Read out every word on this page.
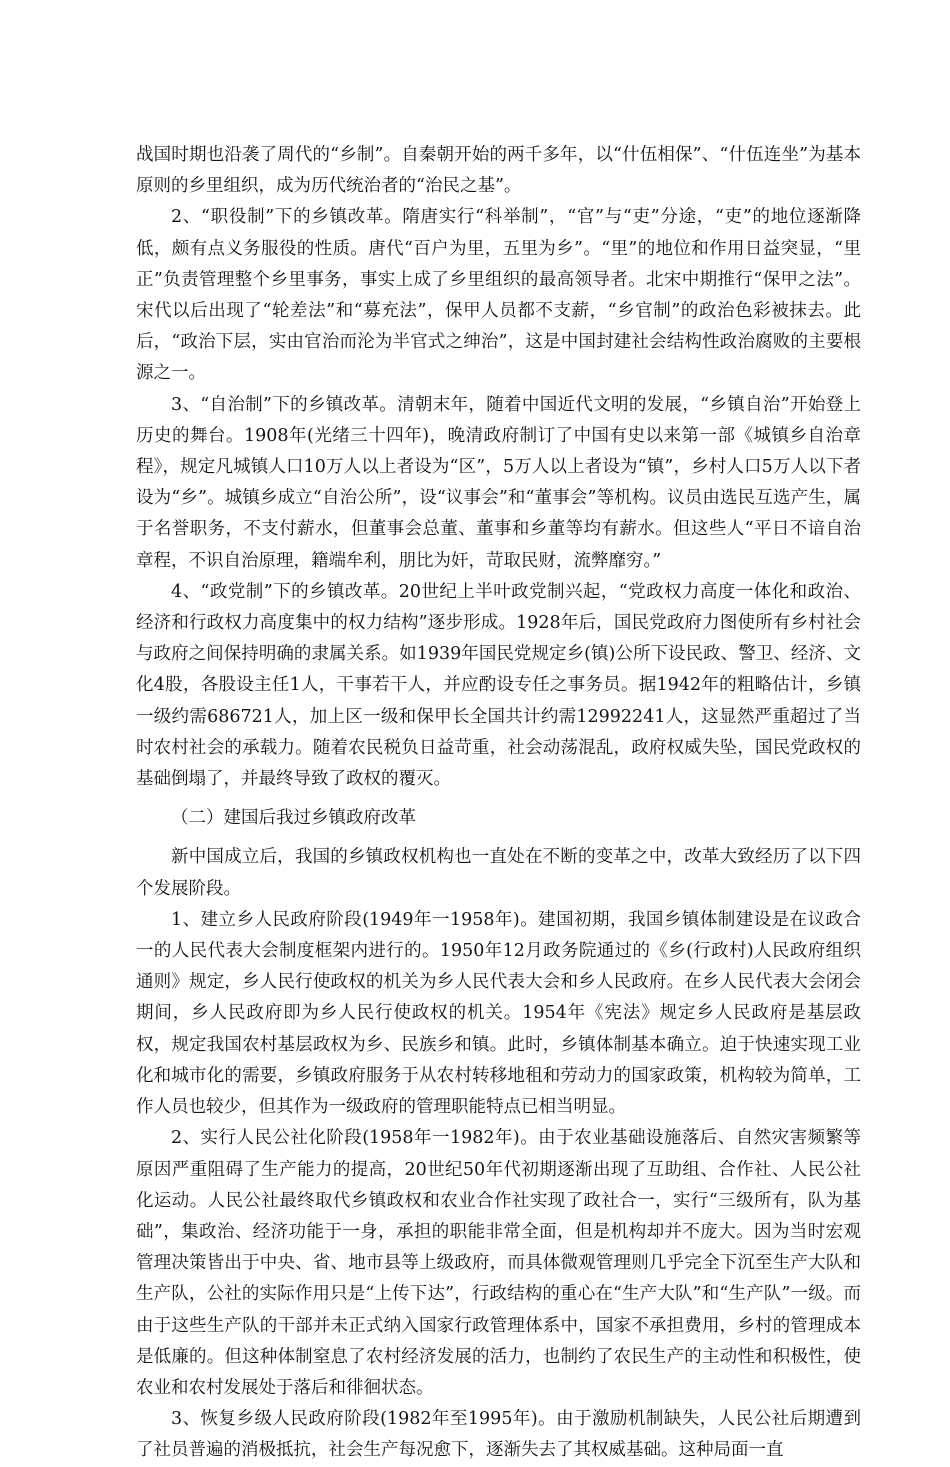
战国时期也沿袭了周代的“乡制”。自秦朝开始的两千多年，以“什伍相保”、“什伍连坐”为基本原则的乡里组织，成为历代统治者的“治民之基”。

2、“职役制”下的乡镇改革。隋唐实行“科举制”，“官”与“吏”分途，“吏”的地位逐渐降低，颇有点义务服役的性质。唐代“百户为里，五里为乡”。“里”的地位和作用日益突显，“里正”负责管理整个乡里事务，事实上成了乡里组织的最高领导者。北宋中期推行“保甲之法”。宋代以后出现了“轮差法”和“募充法”，保甲人员都不支薪，“乡官制”的政治色彩被抹去。此后，“政治下层，实由官治而沦为半官式之绅治”，这是中国封建社会结构性政治腐败的主要根源之一。

3、“自治制”下的乡镇改革。清朝末年，随着中国近代文明的发展，“乡镇自治”开始登上历史的舞台。1908年(光绪三十四年)，晚清政府制订了中国有史以来第一部《城镇乡自治章程》，规定凡城镇人口10万人以上者设为“区”，5万人以上者设为“镇”，乡村人口5万人以下者设为“乡”。城镇乡成立“自治公所”，设“议事会”和“董事会”等机构。议员由选民互选产生，属于名誉职务，不支付薪水，但董事会总董、董事和乡董等均有薪水。但这些人“平日不谙自治章程，不识自治原理，籍端牟利，朋比为奸，苛取民财，流弊靡穷。”

4、“政党制”下的乡镇改革。20世纪上半叶政党制兴起，“党政权力高度一体化和政治、经济和行政权力高度集中的权力结构”逐步形成。1928年后，国民党政府力图使所有乡村社会与政府之间保持明确的隶属关系。如1939年国民党规定乡(镇)公所下设民政、警卫、经济、文化4股，各股设主任1人，干事若干人，并应酌设专任之事务员。据1942年的粗略估计，乡镇一级约需686721人，加上区一级和保甲长全国共计约需12992241人，这显然严重超过了当时农村社会的承载力。随着农民税负日益苛重，社会动荡混乱，政府权威失坠，国民党政权的基础倒塌了，并最终导致了政权的覆灭。

（二）建国后我过乡镇政府改革

新中国成立后，我国的乡镇政权机构也一直处在不断的变革之中，改革大致经历了以下四个发展阶段。

1、建立乡人民政府阶段(1949年一1958年)。建国初期，我国乡镇体制建设是在议政合一的人民代表大会制度框架内进行的。1950年12月政务院通过的《乡(行政村)人民政府组织通则》规定，乡人民行使政权的机关为乡人民代表大会和乡人民政府。在乡人民代表大会闭会期间，乡人民政府即为乡人民行使政权的机关。1954年《宪法》规定乡人民政府是基层政权，规定我国农村基层政权为乡、民族乡和镇。此时，乡镇体制基本确立。迫于快速实现工业化和城市化的需要，乡镇政府服务于从农村转移地租和劳动力的国家政策，机构较为简单，工作人员也较少，但其作为一级政府的管理职能特点已相当明显。

2、实行人民公社化阶段(1958年一1982年)。由于农业基础设施落后、自然灾害频繁等原因严重阻碍了生产能力的提高，20世纪50年代初期逐渐出现了互助组、合作社、人民公社化运动。人民公社最终取代乡镇政权和农业合作社实现了政社合一，实行“三级所有，队为基础”，集政治、经济功能于一身，承担的职能非常全面，但是机构却并不庞大。因为当时宏观管理决策皆出于中央、省、地市县等上级政府，而具体微观管理则几乎完全下沉至生产大队和生产队，公社的实际作用只是“上传下达”，行政结构的重心在“生产大队”和“生产队”一级。而由于这些生产队的干部并未正式纳入国家行政管理体系中，国家不承担费用，乡村的管理成本是低廉的。但这种体制窒息了农村经济发展的活力，也制约了农民生产的主动性和积极性，使农业和农村发展处于落后和徘徊状态。

3、恢复乡级人民政府阶段(1982年至1995年)。由于激励机制缺失，人民公社后期遭到了社员普遍的消极抵抗，社会生产每况愈下，逐渐失去了其权威基础。这种局面一直
